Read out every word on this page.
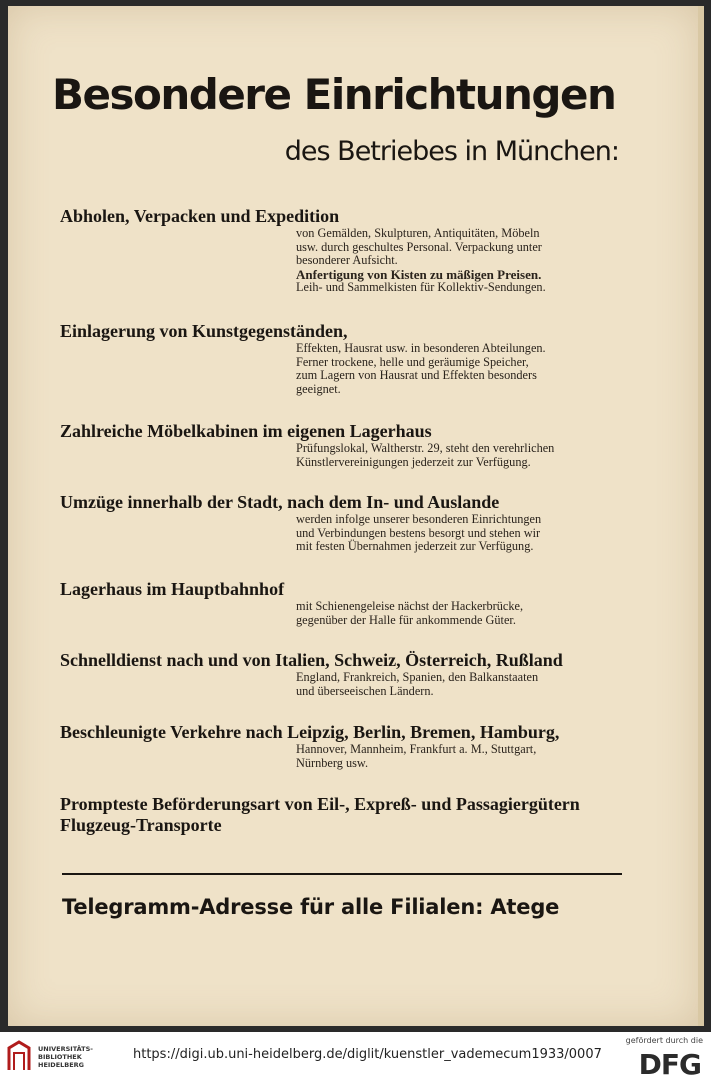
Besondere Einrichtungen
des Betriebes in München:
Abholen, Verpacken und Expedition
von Gemälden, Skulpturen, Antiquitäten, Möbeln
usw. durch geschultes Personal. Verpackung unter
besonderer Aufsicht.
Anfertigung von Kisten zu mäßigen Preisen.
Leih- und Sammelkisten für Kollektiv-Sendungen.
Einlagerung von Kunstgegenständen,
Effekten, Hausrat usw. in besonderen Abteilungen.
Ferner trockene, helle und geräumige Speicher,
zum Lagern von Hausrat und Effekten besonders
geeignet.
Zahlreiche Möbelkabinen im eigenen Lagerhaus
Prüfungslokal, Waltherstr. 29, steht den verehrlichen
Künstlervereinigungen jederzeit zur Verfügung.
Umzüge innerhalb der Stadt, nach dem In- und Auslande
werden infolge unserer besonderen Einrichtungen
und Verbindungen bestens besorgt und stehen wir
mit festen Übernahmen jederzeit zur Verfügung.
Lagerhaus im Hauptbahnhof
mit Schienengeleise nächst der Hackerbrücke,
gegenüber der Halle für ankommende Güter.
Schnelldienst nach und von Italien, Schweiz, Österreich, Rußland
England, Frankreich, Spanien, den Balkanstaaten
und überseeischen Ländern.
Beschleunigte Verkehre nach Leipzig, Berlin, Bremen, Hamburg,
Hannover, Mannheim, Frankfurt a. M., Stuttgart,
Nürnberg usw.
Prompteste Beförderungsart von Eil-, Expreß- und Passagiergütern
Flugzeug-Transporte
Telegramm-Adresse für alle Filialen: Atege
UNIVERSITÄTS-
BIBLIOTHEK
HEIDELBERG
https://digi.ub.uni-heidelberg.de/diglit/kuenstler_vademecum1933/0007
gefördert durch die
DFG
